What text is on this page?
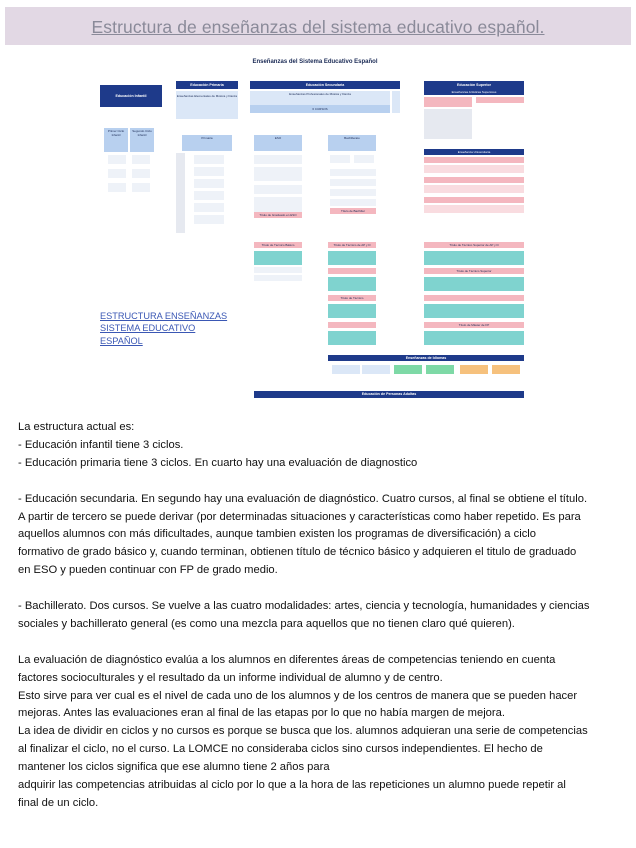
Estructura de enseñanzas del sistema educativo español.
Enseñanzas del Sistema Educativo Español
Educación Infantil
Educación Primaria	Educación Secundaria	Educación Superior
Enseñanzas Elementales de Música y Danza	Enseñanzas Profesionales de Música y Danza
6 CURSOS
Enseñanzas Artísticas Superiores
Enseñanza Universitaria
Primer Ciclo Infantil
Segundo Ciclo Infantil
Primaria	ESO
Título de Graduado en ESO
Bachillerato
Título de Bachiller
Título de Técnico Básico	Título de Técnico de AP y D
Título de Técnico
Título de Técnico Superior de AP y D
Título de Técnico Superior
Título de Máster de FP
Enseñanzas de Idiomas
Educación de Personas Adultas
ESTRUCTURA ENSEÑANZAS
SISTEMA EDUCATIVO
ESPAÑOL

La estructura actual es:

- Educación infantil tiene 3 ciclos.

- Educación primaria tiene 3 ciclos. En cuarto hay una evaluación de diagnostico

- Educación secundaria. En segundo hay una evaluación de diagnóstico. Cuatro cursos, al final se obtiene el título.

A partir de tercero se puede derivar (por determinadas situaciones y características como haber repetido. Es para

aquellos alumnos con más dificultades, aunque tambien existen los programas de diversificación) a ciclo

formativo de grado básico y, cuando terminan, obtienen título de técnico básico y adquieren el titulo de graduado

en ESO y pueden continuar con FP de grado medio.

- Bachillerato. Dos cursos. Se vuelve a las cuatro modalidades: artes, ciencia y tecnología, humanidades y ciencias

sociales y bachillerato general (es como una mezcla para aquellos que no tienen claro qué quieren).

La evaluación de diagnóstico evalúa a los alumnos en diferentes áreas de competencias teniendo en cuenta

factores socioculturales y el resultado da un informe individual de alumno y de centro.

Esto sirve para ver cual es el nivel de cada uno de los alumnos y de los centros de manera que se pueden hacer

mejoras. Antes las evaluaciones eran al final de las etapas por lo que no había margen de mejora.

La idea de dividir en ciclos y no cursos es porque se busca que los. alumnos adquieran una serie de competencias

al finalizar el ciclo, no el curso. La LOMCE no consideraba ciclos sino cursos independientes. El hecho de

mantener los ciclos significa que ese alumno tiene 2 años para

adquirir las competencias atribuidas al ciclo por lo que a la hora de las repeticiones un alumno puede repetir al

final de un ciclo.
